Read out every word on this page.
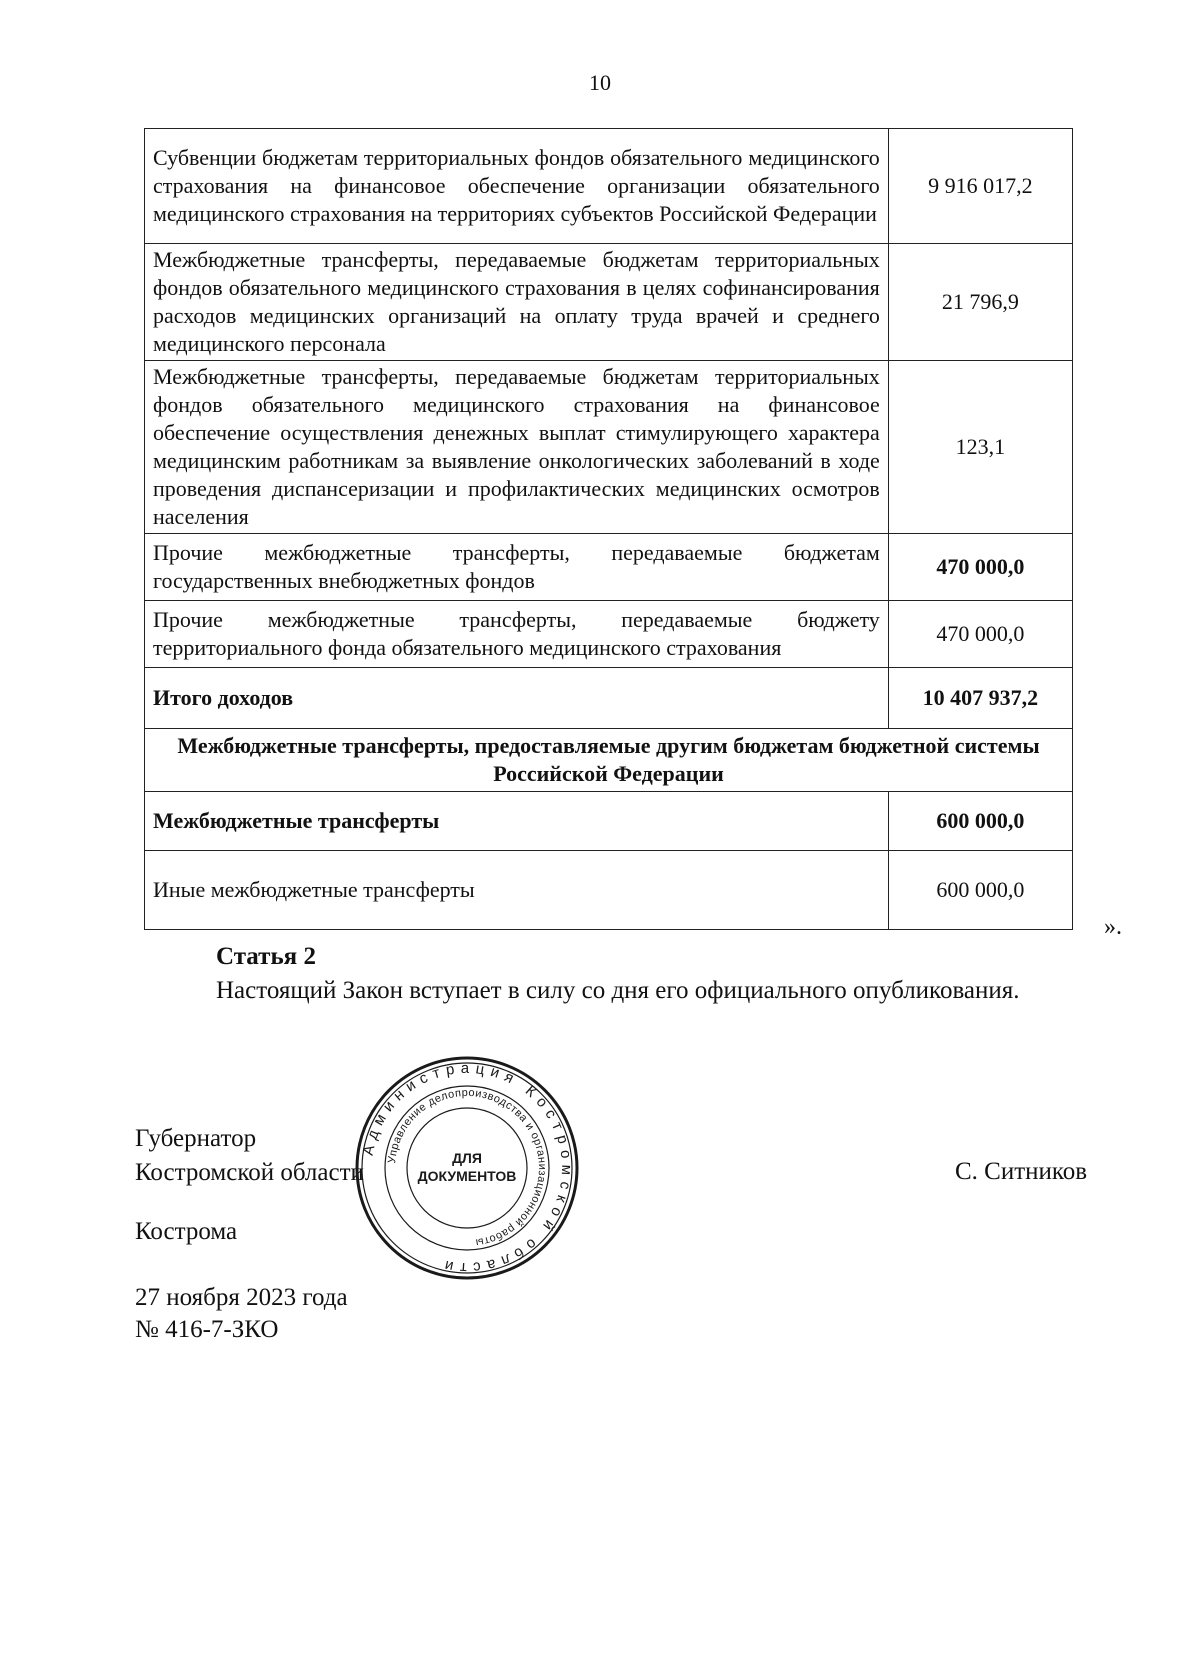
10
Субвенции бюджетам территориальных фондов обязательного медицинского страхования на финансовое обеспечение организации обязательного медицинского страхования на территориях субъектов Российской Федерации	9 916 017,2
Межбюджетные трансферты, передаваемые бюджетам территориальных фондов обязательного медицинского страхования в целях софинансирования расходов медицинских организаций на оплату труда врачей и среднего медицинского персонала	21 796,9
Межбюджетные трансферты, передаваемые бюджетам территориальных фондов обязательного медицинского страхования на финансовое обеспечение осуществления денежных выплат стимулирующего характера медицинским работникам за выявление онкологических заболеваний в ходе проведения диспансеризации и профилактических медицинских осмотров населения	123,1
Прочие межбюджетные трансферты, передаваемые бюджетам государственных внебюджетных фондов	470 000,0
Прочие межбюджетные трансферты, передаваемые бюджету территориального фонда обязательного медицинского страхования	470 000,0
Итого доходов	10 407 937,2
Межбюджетные трансферты, предоставляемые другим бюджетам бюджетной системы Российской Федерации	
Межбюджетные трансферты	600 000,0
Иные межбюджетные трансферты	600 000,0
».
Статья 2
Настоящий Закон вступает в силу со дня его официального опубликования.
Губернатор
Костромской области	С. Ситников
Кострома
27 ноября 2023 года
№ 416-7-ЗКО
Администрация Костромской области
Управление делопроизводства и организационной работы
ДЛЯ
ДОКУМЕНТОВ
